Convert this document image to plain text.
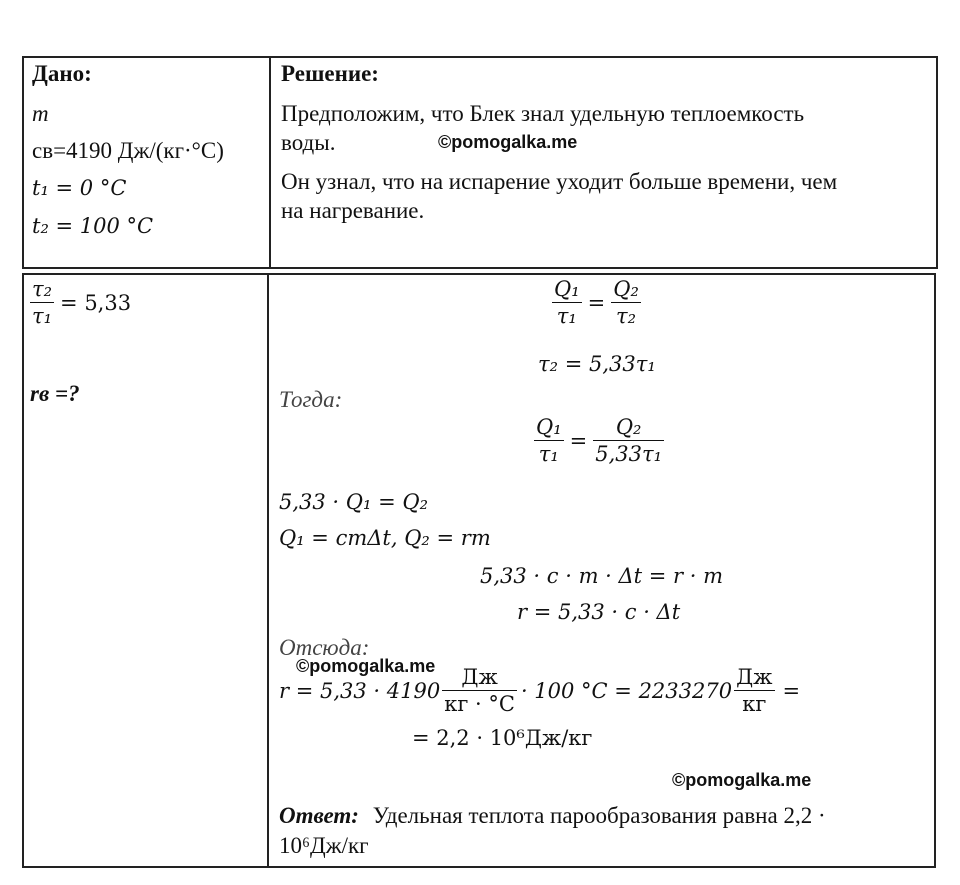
Дано:	Решение:
m
cв=4190 Дж/(кг·°С)
t₁ = 0 °C
t₂ = 100 °C
Предположим, что Блек знал удельную теплоемкость
воды.
Он узнал, что на испарение уходит больше времени, чем
на нагревание.
©pomogalka.me
$\frac{\text{τ₂}}{\text{τ₁}} = 5,33$
rв =?
$\frac{\text{Q₁}}{\text{τ₁}} = \frac{\text{Q₂}}{\text{τ₂}}$
τ₂ = 5,33τ₁
Тогда:
$\frac{\text{Q₁}}{\text{τ₁}} = \frac{\text{Q₂}}{\text{5,33τ₁}}$
5,33 · Q₁ = Q₂
Q₁ = cmΔt, Q₂ = rm
5,33 · c · m · Δt = r · m
r = 5,33 · c · Δt
Отсюда:
©pomogalka.me
$r = 5,33 \cdot 4190 \frac{Дж}{кг \cdot ^\circ C} \cdot 100$ $^\circ C = 2233270 \frac{Дж}{кг}$ =
= 2,2 · 10⁶Дж/кг
©pomogalka.me
Ответ: Удельная теплота парообразования равна 2,2 ·
10⁶Дж/кг
